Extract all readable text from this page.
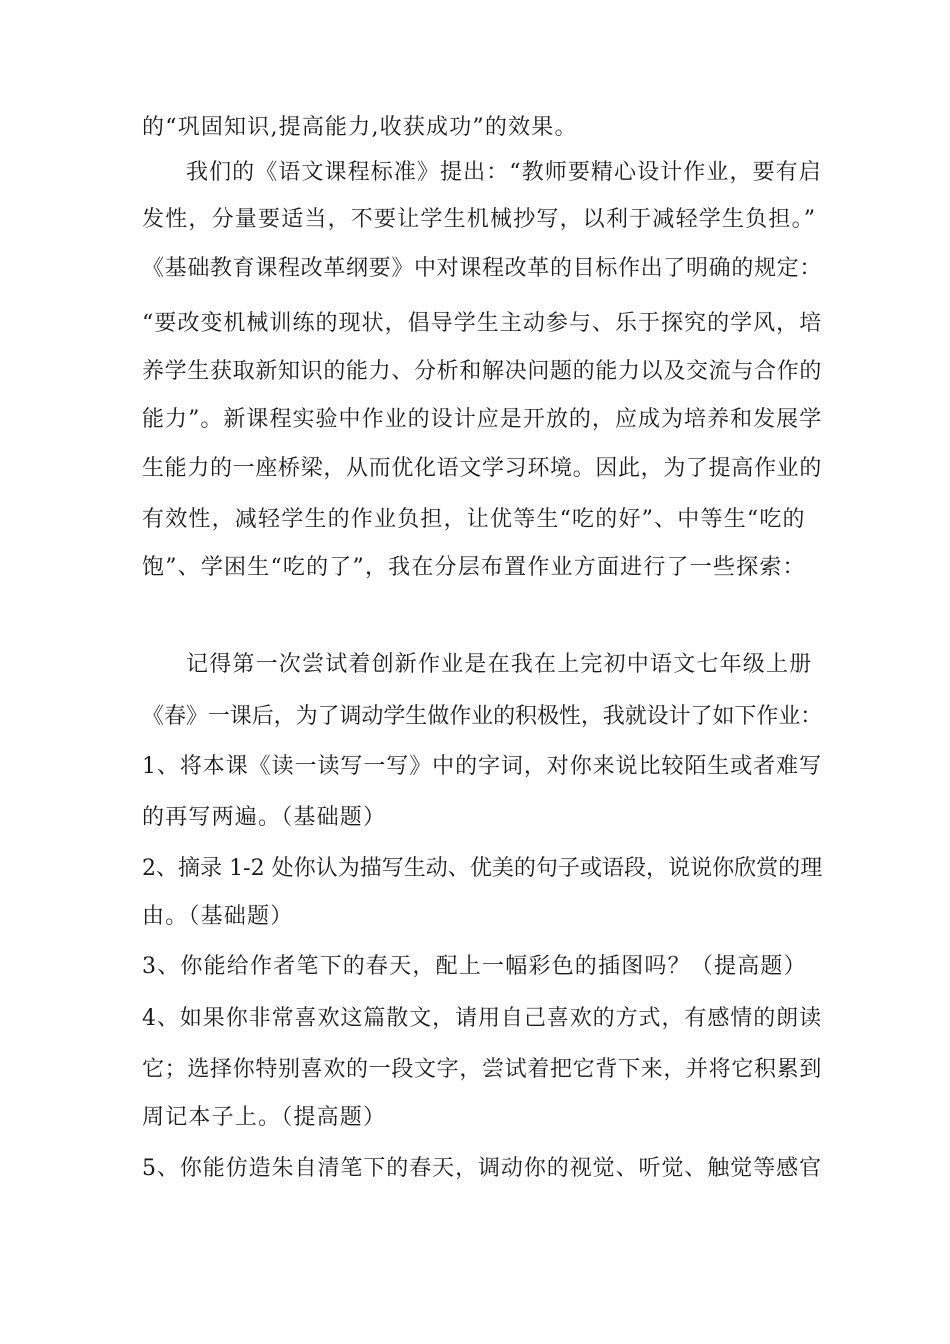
的“巩固知识,提高能力,收获成功”的效果。
我们的《语文课程标准》提出：“教师要精心设计作业，要有启
发性，分量要适当，不要让学生机械抄写，以利于减轻学生负担。”
《基础教育课程改革纲要》中对课程改革的目标作出了明确的规定：
“要改变机械训练的现状，倡导学生主动参与、乐于探究的学风，培
养学生获取新知识的能力、分析和解决问题的能力以及交流与合作的
能力”。新课程实验中作业的设计应是开放的，应成为培养和发展学
生能力的一座桥梁，从而优化语文学习环境。因此，为了提高作业的
有效性，减轻学生的作业负担，让优等生“吃的好”、中等生“吃的
饱”、学困生“吃的了”，我在分层布置作业方面进行了一些探索：
记得第一次尝试着创新作业是在我在上完初中语文七年级上册
《春》一课后，为了调动学生做作业的积极性，我就设计了如下作业：
1、将本课《读一读写一写》中的字词，对你来说比较陌生或者难写
的再写两遍。（基础题）
2、摘录 1-2 处你认为描写生动、优美的句子或语段，说说你欣赏的理
由。（基础题）
3、你能给作者笔下的春天，配上一幅彩色的插图吗？（提高题）
4、如果你非常喜欢这篇散文，请用自己喜欢的方式，有感情的朗读
它；选择你特别喜欢的一段文字，尝试着把它背下来，并将它积累到
周记本子上。（提高题）
5、你能仿造朱自清笔下的春天，调动你的视觉、听觉、触觉等感官
